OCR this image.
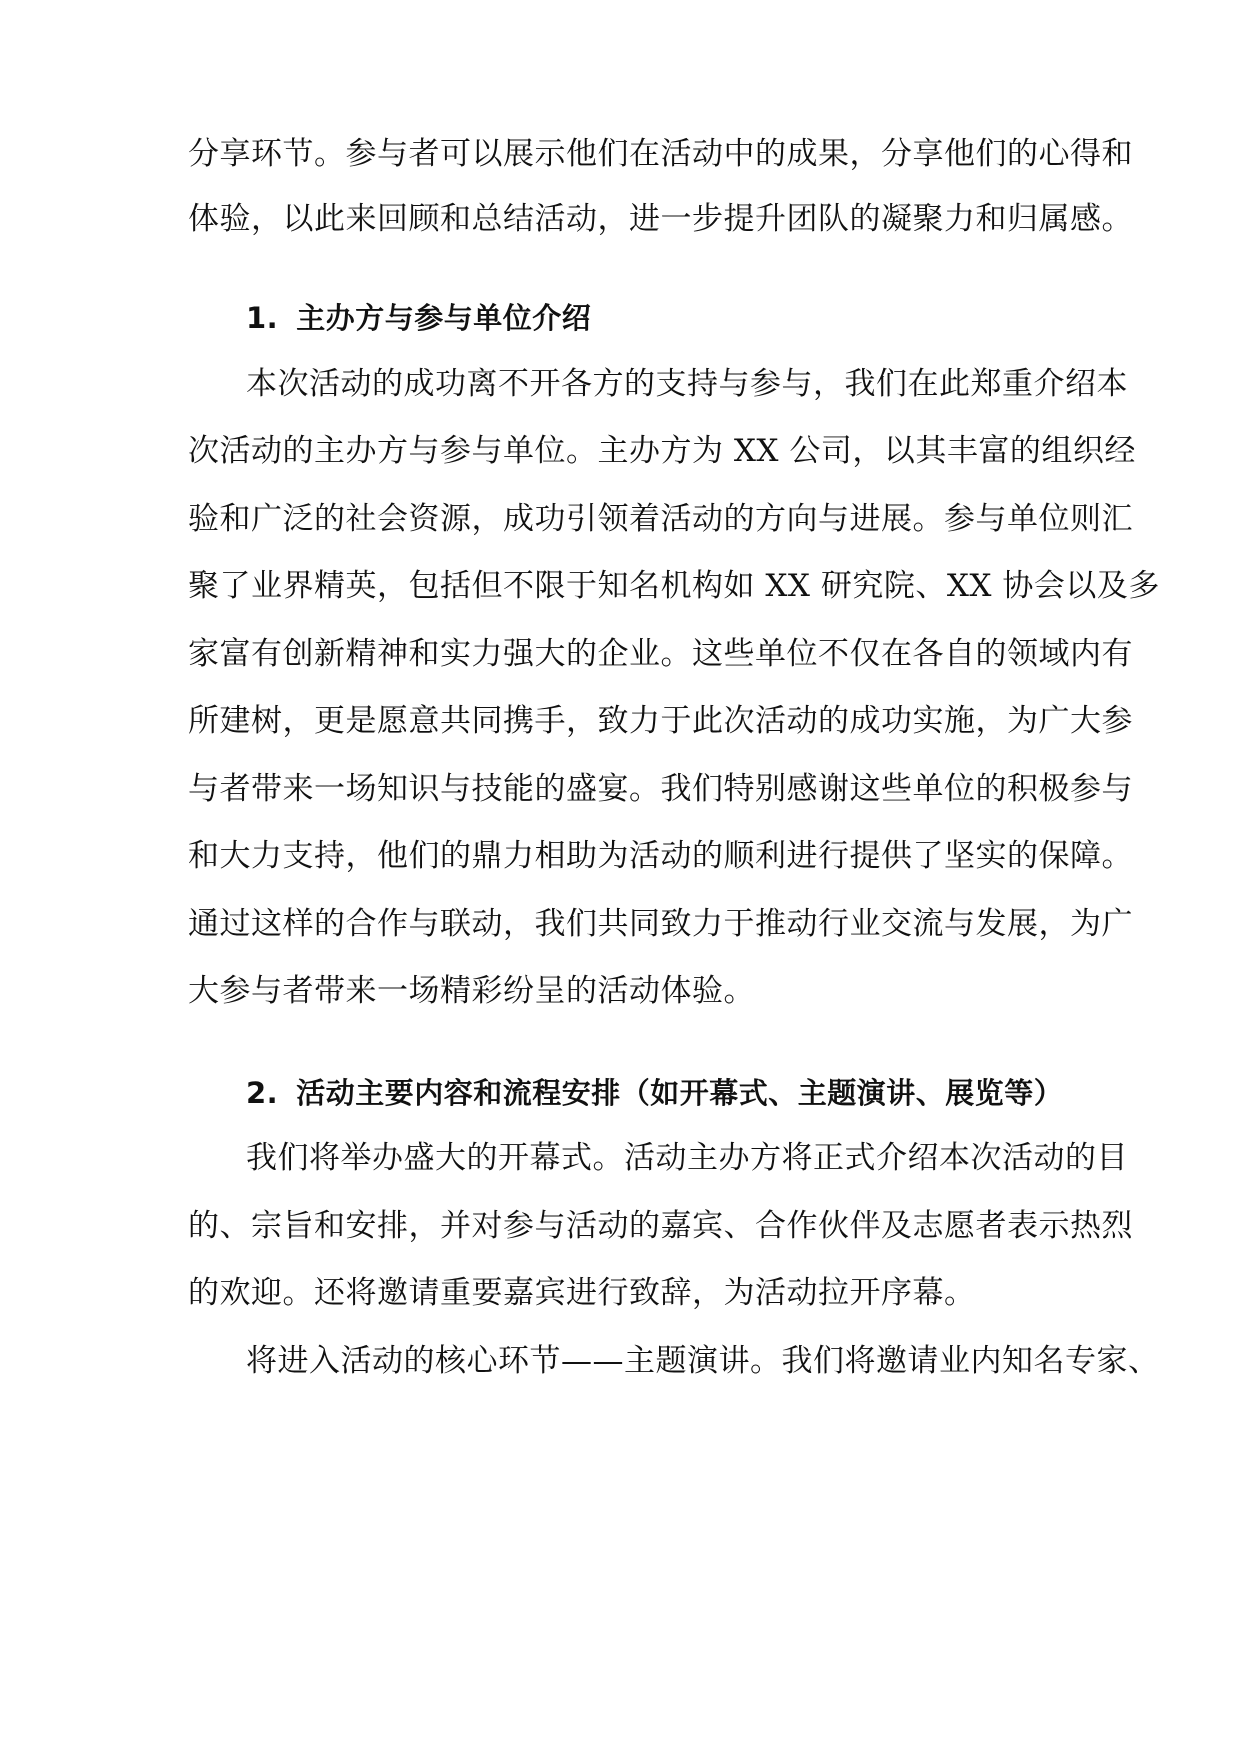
分享环节。参与者可以展示他们在活动中的成果，分享他们的心得和
体验，以此来回顾和总结活动，进一步提升团队的凝聚力和归属感。
1. 主办方与参与单位介绍
本次活动的成功离不开各方的支持与参与，我们在此郑重介绍本
次活动的主办方与参与单位。主办方为 XX 公司，以其丰富的组织经
验和广泛的社会资源，成功引领着活动的方向与进展。参与单位则汇
聚了业界精英，包括但不限于知名机构如 XX 研究院、XX 协会以及多
家富有创新精神和实力强大的企业。这些单位不仅在各自的领域内有
所建树，更是愿意共同携手，致力于此次活动的成功实施，为广大参
与者带来一场知识与技能的盛宴。我们特别感谢这些单位的积极参与
和大力支持，他们的鼎力相助为活动的顺利进行提供了坚实的保障。
通过这样的合作与联动，我们共同致力于推动行业交流与发展，为广
大参与者带来一场精彩纷呈的活动体验。
2. 活动主要内容和流程安排（如开幕式、主题演讲、展览等）
我们将举办盛大的开幕式。活动主办方将正式介绍本次活动的目
的、宗旨和安排，并对参与活动的嘉宾、合作伙伴及志愿者表示热烈
的欢迎。还将邀请重要嘉宾进行致辞，为活动拉开序幕。
将进入活动的核心环节——主题演讲。我们将邀请业内知名专家、
